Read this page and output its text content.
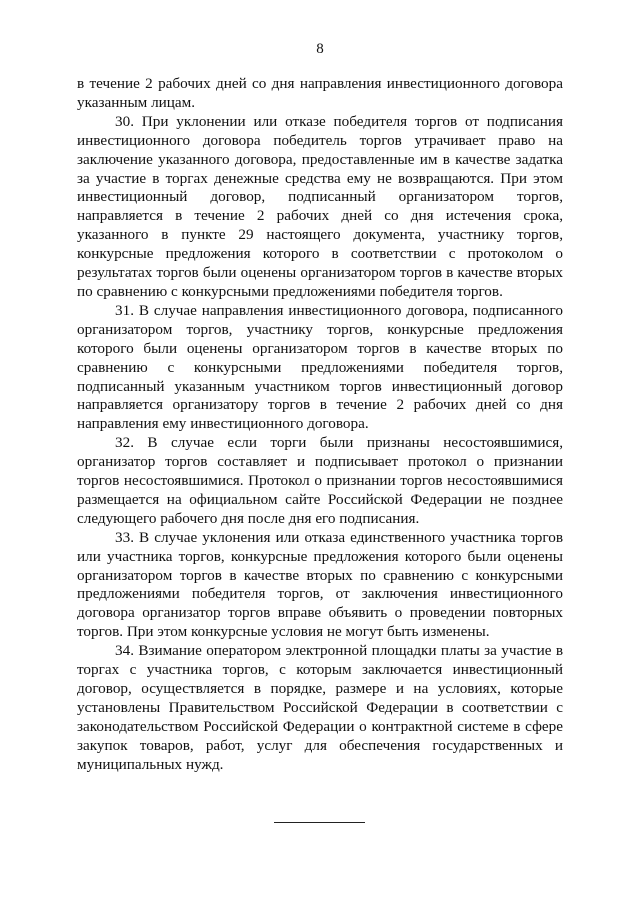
8

в течение 2 рабочих дней со дня направления инвестиционного договора указанным лицам.

30. При уклонении или отказе победителя торгов от подписания инвестиционного договора победитель торгов утрачивает право на заключение указанного договора, предоставленные им в качестве задатка за участие в торгах денежные средства ему не возвращаются. При этом инвестиционный договор, подписанный организатором торгов, направляется в течение 2 рабочих дней со дня истечения срока, указанного в пункте 29 настоящего документа, участнику торгов, конкурсные предложения которого в соответствии с протоколом о результатах торгов были оценены организатором торгов в качестве вторых по сравнению с конкурсными предложениями победителя торгов.

31. В случае направления инвестиционного договора, подписанного организатором торгов, участнику торгов, конкурсные предложения которого были оценены организатором торгов в качестве вторых по сравнению с конкурсными предложениями победителя торгов, подписанный указанным участником торгов инвестиционный договор направляется организатору торгов в течение 2 рабочих дней со дня направления ему инвестиционного договора.

32. В случае если торги были признаны несостоявшимися, организатор торгов составляет и подписывает протокол о признании торгов несостоявшимися. Протокол о признании торгов несостоявшимися размещается на официальном сайте Российской Федерации не позднее следующего рабочего дня после дня его подписания.

33. В случае уклонения или отказа единственного участника торгов или участника торгов, конкурсные предложения которого были оценены организатором торгов в качестве вторых по сравнению с конкурсными предложениями победителя торгов, от заключения инвестиционного договора организатор торгов вправе объявить о проведении повторных торгов. При этом конкурсные условия не могут быть изменены.

34. Взимание оператором электронной площадки платы за участие в торгах с участника торгов, с которым заключается инвестиционный договор, осуществляется в порядке, размере и на условиях, которые установлены Правительством Российской Федерации в соответствии с законодательством Российской Федерации о контрактной системе в сфере закупок товаров, работ, услуг для обеспечения государственных и муниципальных нужд.
